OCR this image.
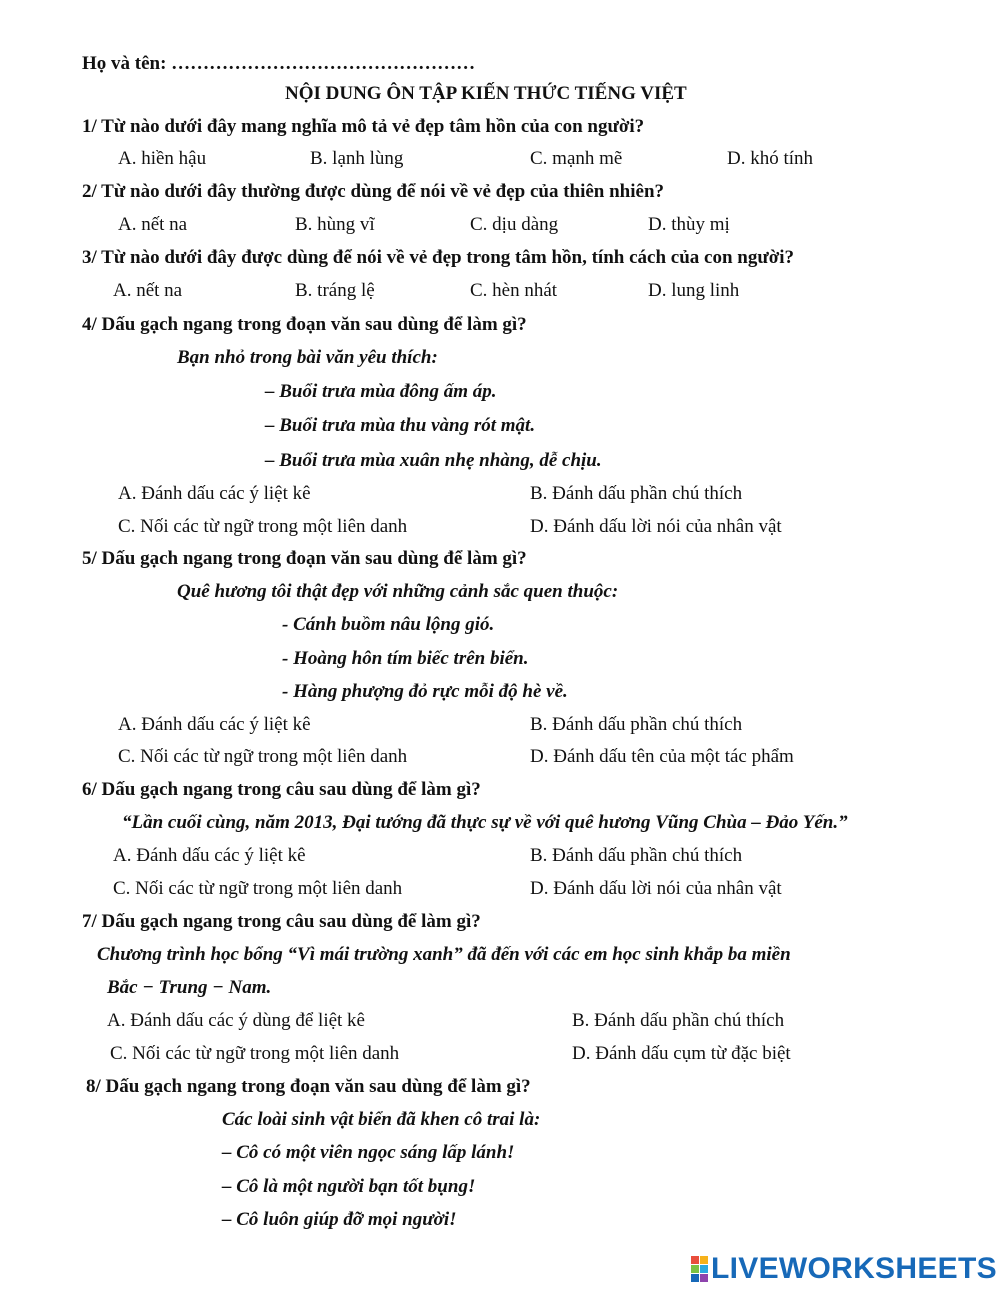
Họ và tên: …………………………………………
NỘI DUNG ÔN TẬP KIẾN THỨC TIẾNG VIỆT
1/ Từ nào dưới đây mang nghĩa mô tả vẻ đẹp tâm hồn của con người?
A. hiền hậu	B. lạnh lùng	C. mạnh mẽ	D. khó tính
2/ Từ nào dưới đây thường được dùng để nói về vẻ đẹp của thiên nhiên?
A. nết na	B. hùng vĩ	C. dịu dàng	D. thùy mị
3/ Từ nào dưới đây được dùng để nói về vẻ đẹp trong tâm hồn, tính cách của con người?
A. nết na	B. tráng lệ	C. hèn nhát	D. lung linh
4/ Dấu gạch ngang trong đoạn văn sau dùng để làm gì?
Bạn nhỏ trong bài văn yêu thích:
– Buổi trưa mùa đông ấm áp.
– Buổi trưa mùa thu vàng rót mật.
– Buổi trưa mùa xuân nhẹ nhàng, dễ chịu.
A. Đánh dấu các ý liệt kê	B. Đánh dấu phần chú thích
C. Nối các từ ngữ trong một liên danh	D. Đánh dấu lời nói của nhân vật
5/ Dấu gạch ngang trong đoạn văn sau dùng để làm gì?
Quê hương tôi thật đẹp với những cảnh sắc quen thuộc:
- Cánh buồm nâu lộng gió.
- Hoàng hôn tím biếc trên biển.
- Hàng phượng đỏ rực mỗi độ hè về.
A. Đánh dấu các ý liệt kê	B. Đánh dấu phần chú thích
C. Nối các từ ngữ trong một liên danh	D. Đánh dấu tên của một tác phẩm
6/ Dấu gạch ngang trong câu sau dùng để làm gì?
“Lần cuối cùng, năm 2013, Đại tướng đã thực sự về với quê hương Vũng Chùa – Đảo Yến.”
A. Đánh dấu các ý liệt kê	B. Đánh dấu phần chú thích
C. Nối các từ ngữ trong một liên danh	D. Đánh dấu lời nói của nhân vật
7/ Dấu gạch ngang trong câu sau dùng để làm gì?
Chương trình học bổng “Vì mái trường xanh” đã đến với các em học sinh khắp ba miền
Bắc − Trung − Nam.
A. Đánh dấu các ý dùng để liệt kê	B. Đánh dấu phần chú thích
C. Nối các từ ngữ trong một liên danh	D. Đánh dấu cụm từ đặc biệt
8/ Dấu gạch ngang trong đoạn văn sau dùng để làm gì?
Các loài sinh vật biển đã khen cô trai là:
– Cô có một viên ngọc sáng lấp lánh!
– Cô là một người bạn tốt bụng!
– Cô luôn giúp đỡ mọi người!
LIVEWORKSHEETS
